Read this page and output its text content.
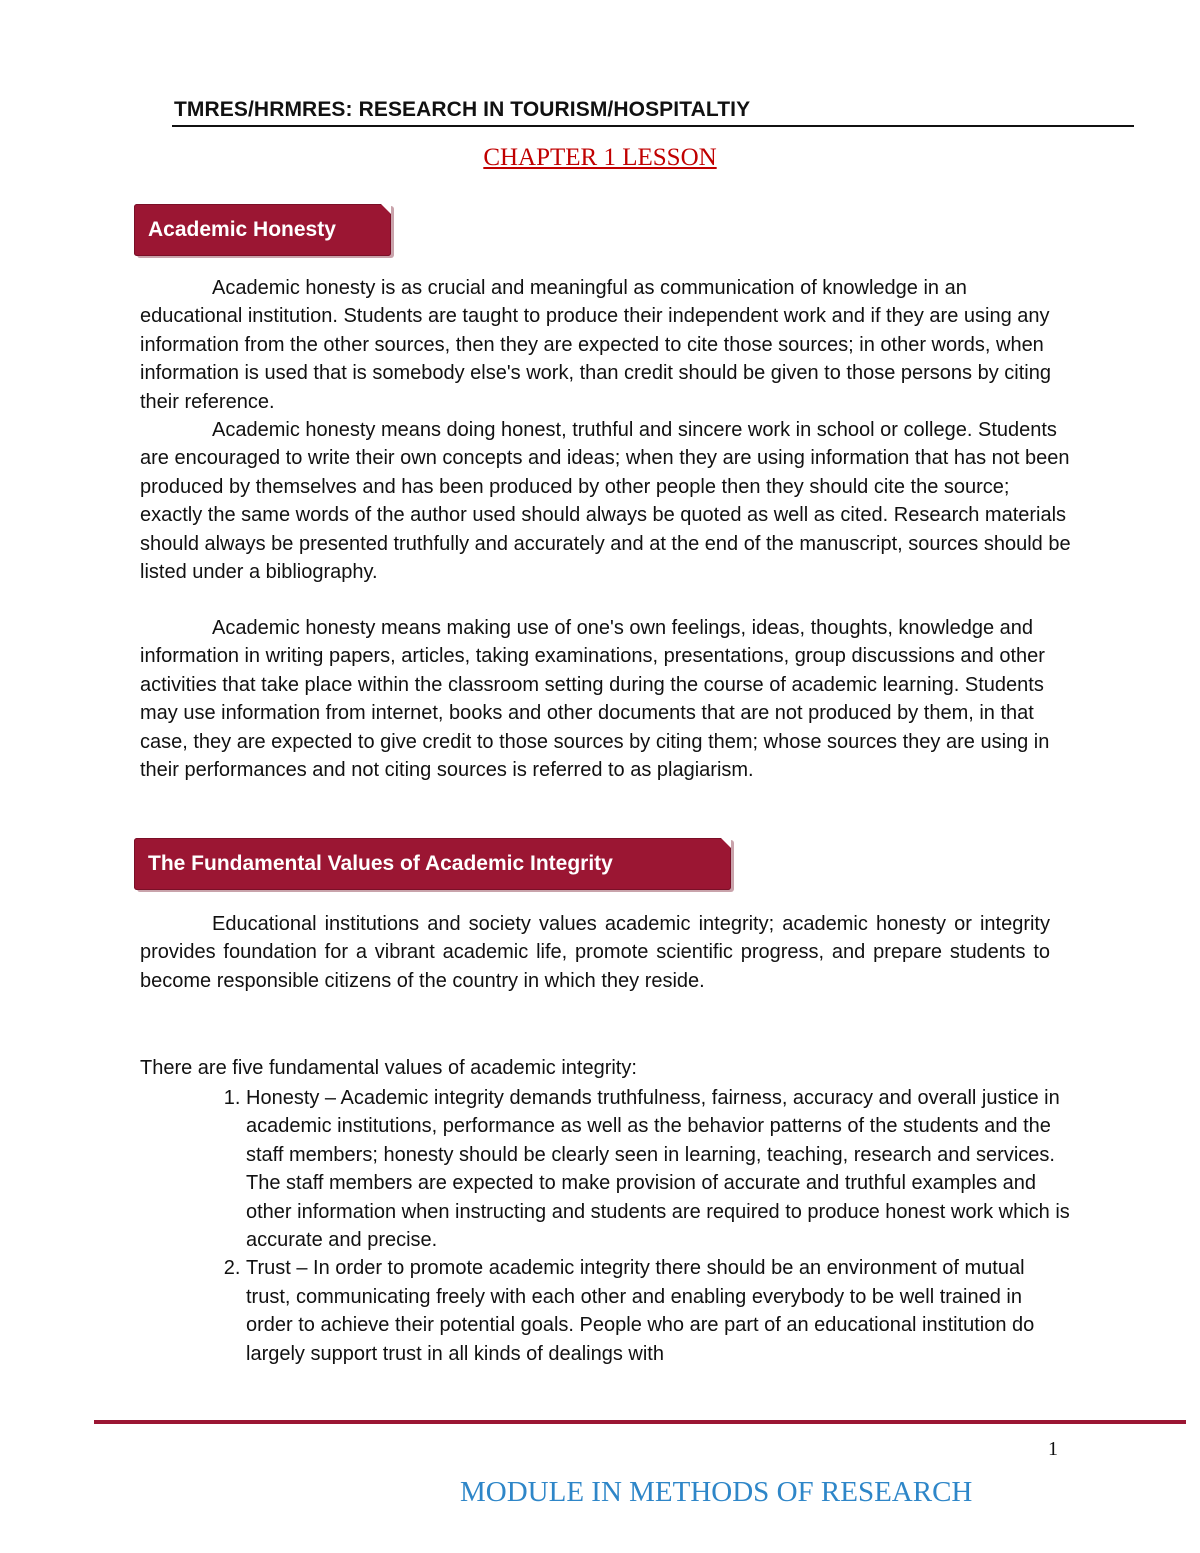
TMRES/HRMRES: RESEARCH IN TOURISM/HOSPITALTIY
CHAPTER 1 LESSON
Academic Honesty

Academic honesty is as crucial and meaningful as communication of knowledge in an educational institution. Students are taught to produce their independent work and if they are using any information from the other sources, then they are expected to cite those sources; in other words, when information is used that is somebody else's work, than credit should be given to those persons by citing their reference.

Academic honesty means doing honest, truthful and sincere work in school or college. Students are encouraged to write their own concepts and ideas; when they are using information that has not been produced by themselves and has been produced by other people then they should cite the source; exactly the same words of the author used should always be quoted as well as cited. Research materials should always be presented truthfully and accurately and at the end of the manuscript, sources should be listed under a bibliography.

Academic honesty means making use of one's own feelings, ideas, thoughts, knowledge and information in writing papers, articles, taking examinations, presentations, group discussions and other activities that take place within the classroom setting during the course of academic learning. Students may use information from internet, books and other documents that are not produced by them, in that case, they are expected to give credit to those sources by citing them; whose sources they are using in their performances and not citing sources is referred to as plagiarism.

The Fundamental Values of Academic Integrity

Educational institutions and society values academic integrity; academic honesty or integrity provides foundation for a vibrant academic life, promote scientific progress, and prepare students to become responsible citizens of the country in which they reside.

There are five fundamental values of academic integrity:

1. Honesty – Academic integrity demands truthfulness, fairness, accuracy and overall justice in academic institutions, performance as well as the behavior patterns of the students and the staff members; honesty should be clearly seen in learning, teaching, research and services. The staff members are expected to make provision of accurate and truthful examples and other information when instructing and students are required to produce honest work which is accurate and precise.
2. Trust – In order to promote academic integrity there should be an environment of mutual trust, communicating freely with each other and enabling everybody to be well trained in order to achieve their potential goals. People who are part of an educational institution do largely support trust in all kinds of dealings with
1
MODULE IN METHODS OF RESEARCH
